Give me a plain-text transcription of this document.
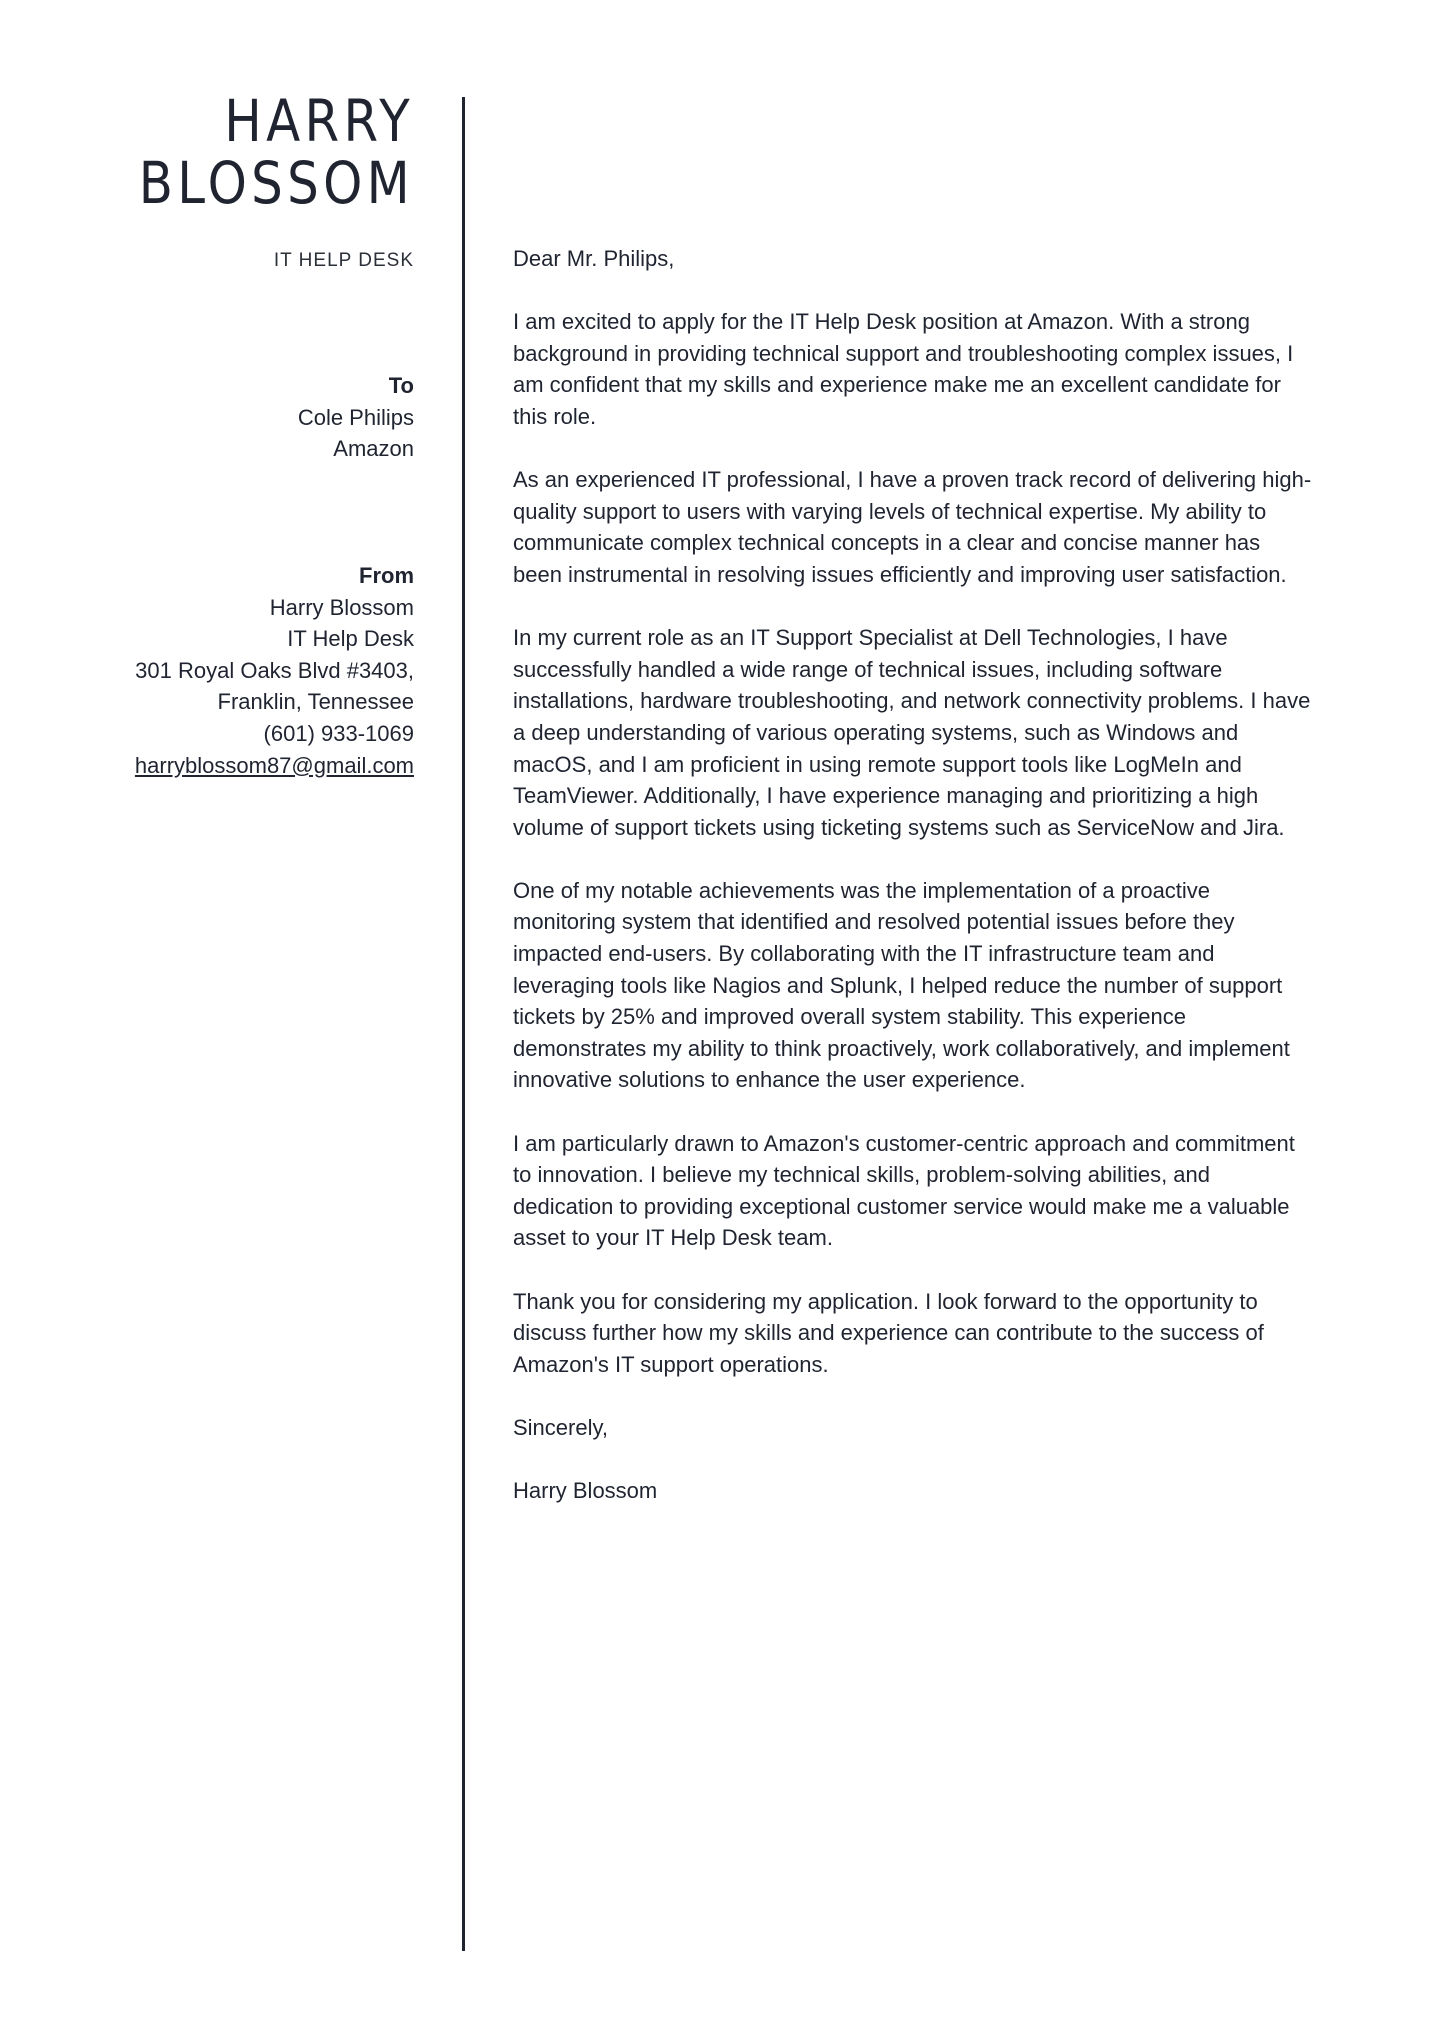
HARRY
BLOSSOM
IT HELP DESK
To
Cole Philips
Amazon
From
Harry Blossom
IT Help Desk
301 Royal Oaks Blvd #3403,
Franklin, Tennessee
(601) 933-1069
harryblossom87@gmail.com

Dear Mr. Philips,

I am excited to apply for the IT Help Desk position at Amazon. With a strong background in providing technical support and troubleshooting complex issues, I am confident that my skills and experience make me an excellent candidate for this role.

As an experienced IT professional, I have a proven track record of delivering high-quality support to users with varying levels of technical expertise. My ability to communicate complex technical concepts in a clear and concise manner has been instrumental in resolving issues efficiently and improving user satisfaction.

In my current role as an IT Support Specialist at Dell Technologies, I have successfully handled a wide range of technical issues, including software installations, hardware troubleshooting, and network connectivity problems. I have a deep understanding of various operating systems, such as Windows and macOS, and I am proficient in using remote support tools like LogMeIn and TeamViewer. Additionally, I have experience managing and prioritizing a high volume of support tickets using ticketing systems such as ServiceNow and Jira.

One of my notable achievements was the implementation of a proactive monitoring system that identified and resolved potential issues before they impacted end-users. By collaborating with the IT infrastructure team and leveraging tools like Nagios and Splunk, I helped reduce the number of support tickets by 25% and improved overall system stability. This experience demonstrates my ability to think proactively, work collaboratively, and implement innovative solutions to enhance the user experience.

I am particularly drawn to Amazon's customer-centric approach and commitment to innovation. I believe my technical skills, problem-solving abilities, and dedication to providing exceptional customer service would make me a valuable asset to your IT Help Desk team.

Thank you for considering my application. I look forward to the opportunity to discuss further how my skills and experience can contribute to the success of Amazon's IT support operations.

Sincerely,

Harry Blossom
